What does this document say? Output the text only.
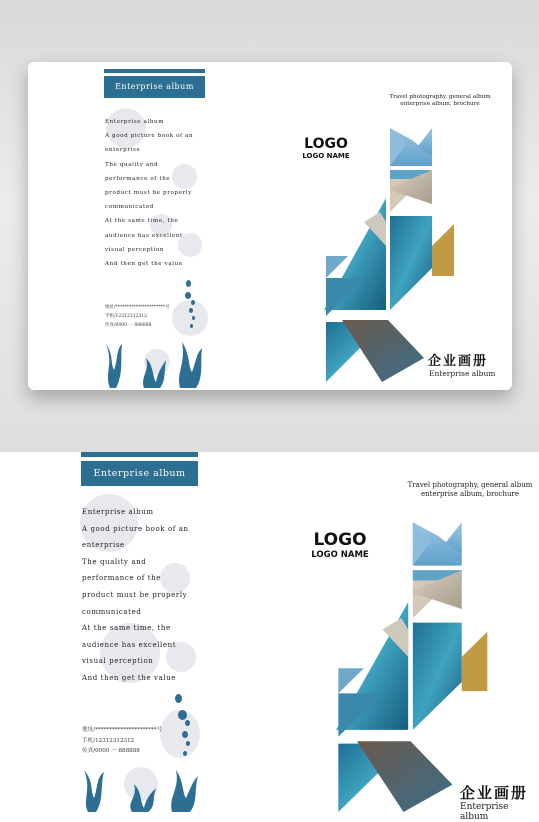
Enterprise album
Enterprise album
A good picture book of an
enterprise
The quality and
performance of the
product must be properly
communicated
At the same time, the
audience has excellent
visual perception
And then get the value
地址/**********************号
手机/12312312312
传真/0000 一 888888
Travel photography, general album
enterprise album, brochure
LOGO
LOGO NAME
企业画册
Enterprise album
Enterprise album
Enterprise album
A good picture book of an
enterprise
The quality and
performance of the
product must be properly
communicated
At the same time, the
audience has excellent
visual perception
And then get the value
地址/**********************号
手机/12312312312
传真/0000 一 888888
Travel photography, general album
enterprise album, brochure
LOGO
LOGO NAME
企业画册
Enterprise album
